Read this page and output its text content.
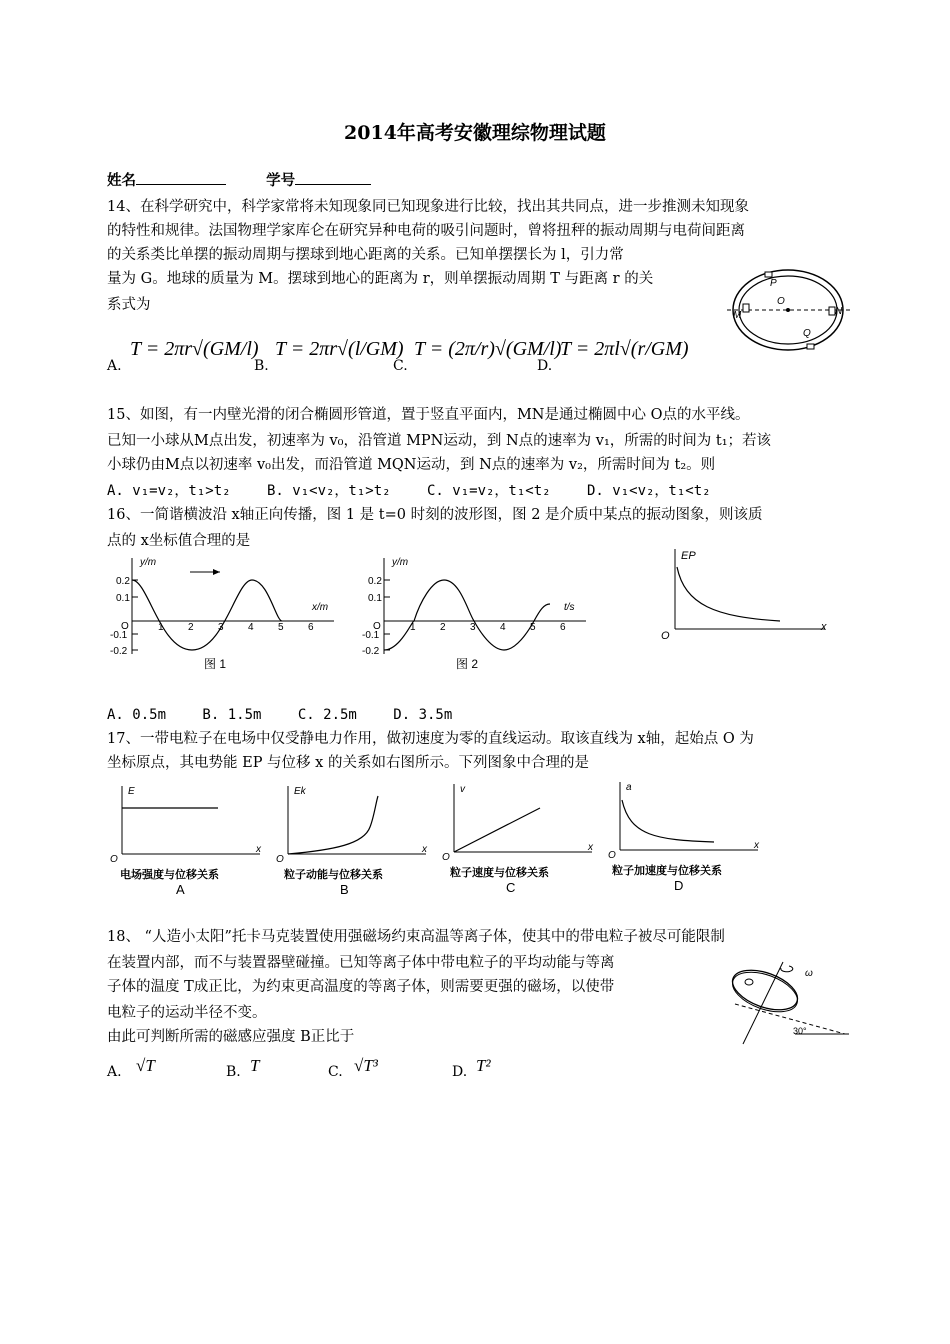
2014年高考安徽理综物理试题
姓名	学号
14、在科学研究中，科学家常将未知现象同已知现象进行比较，找出其共同点，进一步推测未知现象
的特性和规律。法国物理学家库仑在研究异种电荷的吸引问题时，曾将扭秤的振动周期与电荷间距离
的关系类比单摆的振动周期与摆球到地心距离的关系。已知单摆摆长为 l，引力常
量为 G。地球的质量为 M。摆球到地心的距离为 r，则单摆振动周期 T 与距离 r 的关
系式为
A.
T = 2πr√(GM/l)
B.
T = 2πr√(l/GM)
C.
T = (2π/r)√(GM/l)
D.
T = 2πl√(r/GM)
P
O
M	N
Q
15、如图，有一内壁光滑的闭合椭圆形管道，置于竖直平面内，MN是通过椭圆中心 O点的水平线。
已知一小球从M点出发，初速率为 v₀，沿管道 MPN运动，到 N点的速率为 v₁，所需的时间为 t₁；若该
小球仍由M点以初速率 v₀出发，而沿管道 MQN运动，到 N点的速率为 v₂，所需时间为 t₂。则
A. v₁=v₂，t₁>t₂　　 B. v₁<v₂，t₁>t₂　　 C. v₁=v₂，t₁<t₂　　 D. v₁<v₂，t₁<t₂
16、一简谐横波沿 x轴正向传播，图 1 是 t=0 时刻的波形图，图 2 是介质中某点的振动图象，则该质
点的 x坐标值合理的是
0.2
0.1
-0.1
-0.2
O
y/m
x/m
1 2 3 4 5 6
图 1
0.2
0.1
-0.1
-0.2
O
y/m
t/s
1 2 3 4 5 6
图 2
EP
O
x
A. 0.5m　　 B. 1.5m　　 C. 2.5m　　 D. 3.5m
17、一带电粒子在电场中仅受静电力作用，做初速度为零的直线运动。取该直线为 x轴，起始点 O 为
坐标原点，其电势能 EP 与位移 x 的关系如右图所示。下列图象中合理的是
E
O
x
电场强度与位移关系
A
Ek
O
x
粒子动能与位移关系
B
v
O
x
粒子速度与位移关系
C
a
O
x
粒子加速度与位移关系
D
18、 “人造小太阳”托卡马克装置使用强磁场约束高温等离子体，使其中的带电粒子被尽可能限制
在装置内部，而不与装置器壁碰撞。已知等离子体中带电粒子的平均动能与等离
子体的温度 T成正比，为约束更高温度的等离子体，则需要更强的磁场，以使带
电粒子的运动半径不变。
由此可判断所需的磁感应强度 B正比于
ω
30°
A. √T	B. T	C. √T³	D. T²
